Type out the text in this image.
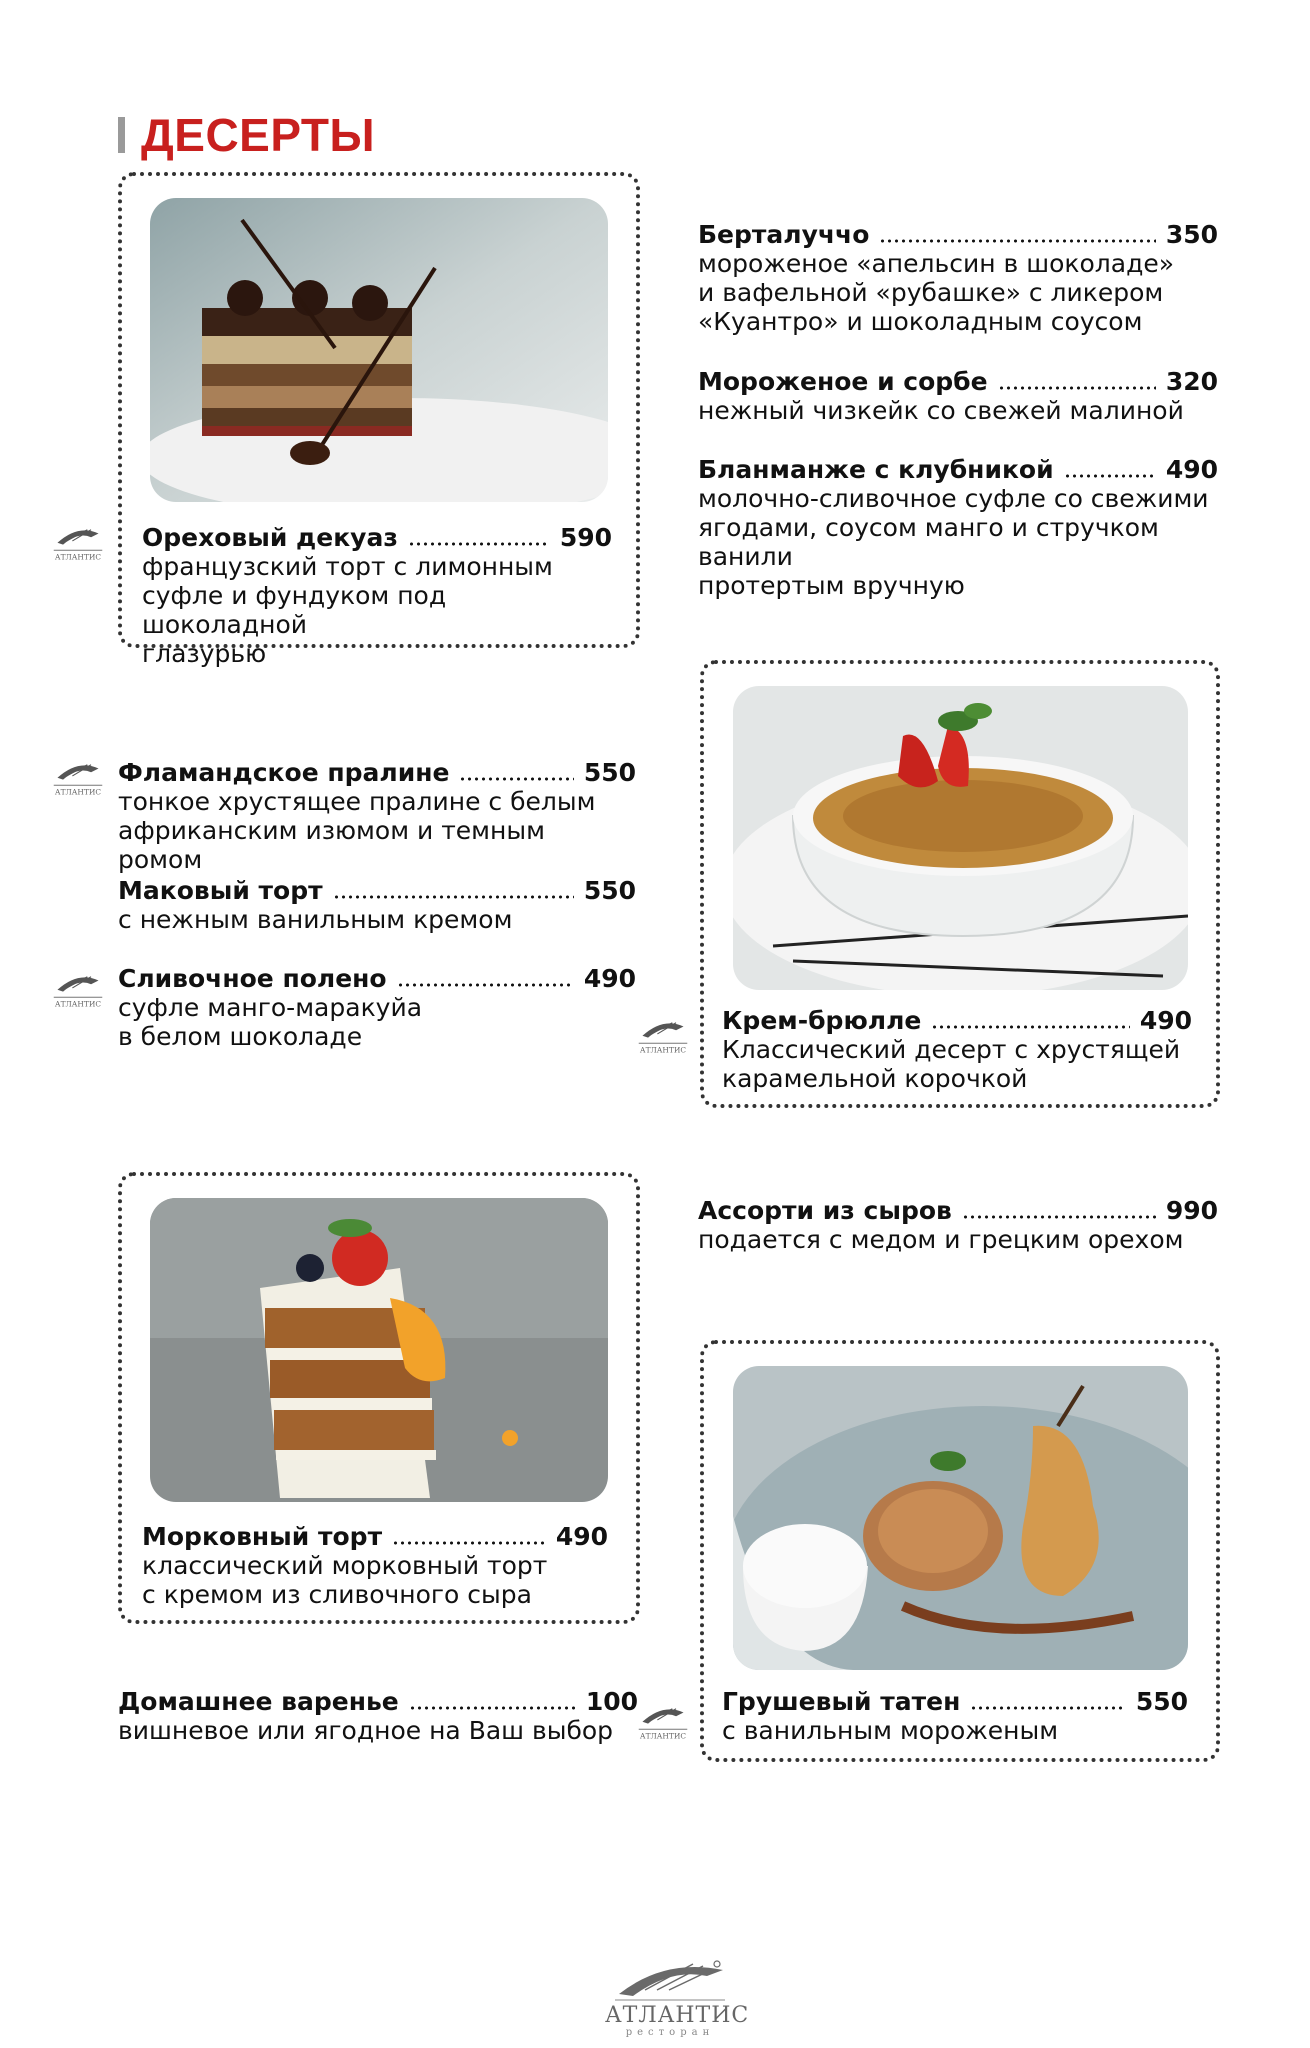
ДЕСЕРТЫ
АТЛАНТИС
Ореховый декуаз	590
французский торт с лимонным
суфле и фундуком под шоколадной
глазурью
Берталуччо	350
мороженое «апельсин в шоколаде»
и вафельной «рубашке» с ликером
«Куантро» и шоколадным соусом
Мороженое и сорбе	320
нежный чизкейк со свежей малиной
Бланманже с клубникой	490
молочно-сливочное суфле со свежими
ягодами, соусом манго и стручком ванили
протертым вручную
АТЛАНТИС
Фламандское пралине	550
тонкое хрустящее пралине с белым
африканским изюмом и темным ромом
Маковый торт	550
с нежным ванильным кремом
АТЛАНТИС
Сливочное полено	490
суфле манго-маракуйа
в белом шоколаде	АТЛАНТИС
Крем-брюлле	490
Классический десерт с хрустящей
карамельной корочкой
Морковный торт	490
классический морковный торт
с кремом из сливочного сыра
Ассорти из сыров	990
подается с медом и грецким орехом
АТЛАНТИС
Грушевый татен	550
с ванильным мороженым
Домашнее варенье	100
вишневое или ягодное на Ваш выбор
АТЛАНТИС
ресторан
